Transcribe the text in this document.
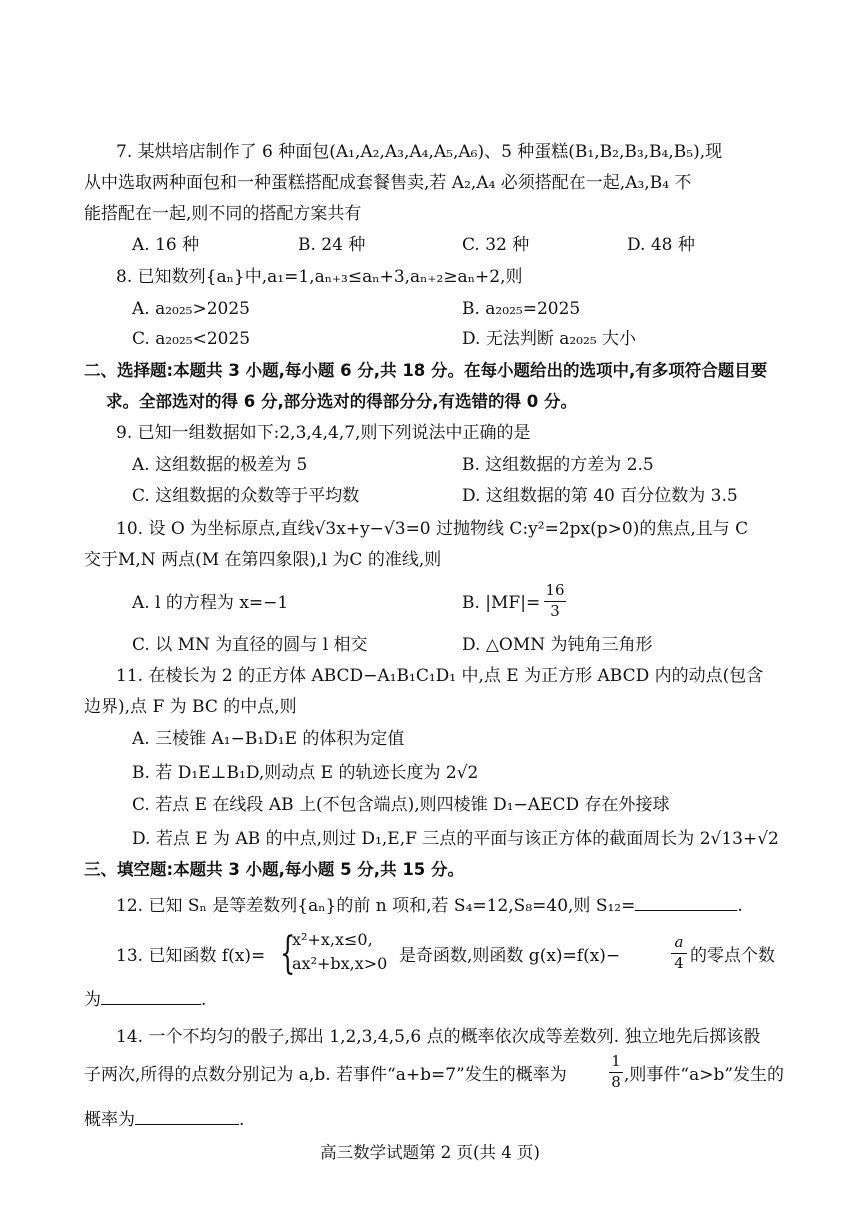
7. 某烘培店制作了 6 种面包(A₁,A₂,A₃,A₄,A₅,A₆)、5 种蛋糕(B₁,B₂,B₃,B₄,B₅),现
从中选取两种面包和一种蛋糕搭配成套餐售卖,若 A₂,A₄ 必须搭配在一起,A₃,B₄ 不
能搭配在一起,则不同的搭配方案共有
A. 16 种	B. 24 种	C. 32 种	D. 48 种
8. 已知数列{aₙ}中,a₁=1,aₙ₊₃≤aₙ+3,aₙ₊₂≥aₙ+2,则
A. a₂₀₂₅>2025	B. a₂₀₂₅=2025
C. a₂₀₂₅<2025	D. 无法判断 a₂₀₂₅ 大小
二、选择题:本题共 3 小题,每小题 6 分,共 18 分。在每小题给出的选项中,有多项符合题目要
求。全部选对的得 6 分,部分选对的得部分分,有选错的得 0 分。
9. 已知一组数据如下:2,3,4,4,7,则下列说法中正确的是
A. 这组数据的极差为 5	B. 这组数据的方差为 2.5
C. 这组数据的众数等于平均数	D. 这组数据的第 40 百分位数为 3.5
10. 设 O 为坐标原点,直线√3x+y−√3=0 过抛物线 C:y²=2px(p>0)的焦点,且与 C
交于M,N 两点(M 在第四象限),l 为C 的准线,则
A. l 的方程为 x=−1	B. |MF|=
16
3
C. 以 MN 为直径的圆与 l 相交	D. △OMN 为钝角三角形
11. 在棱长为 2 的正方体 ABCD−A₁B₁C₁D₁ 中,点 E 为正方形 ABCD 内的动点(包含
边界),点 F 为 BC 的中点,则
A. 三棱锥 A₁−B₁D₁E 的体积为定值
B. 若 D₁E⊥B₁D,则动点 E 的轨迹长度为 2√2
C. 若点 E 在线段 AB 上(不包含端点),则四棱锥 D₁−AECD 存在外接球
D. 若点 E 为 AB 的中点,则过 D₁,E,F 三点的平面与该正方体的截面周长为 2√13+√2
三、填空题:本题共 3 小题,每小题 5 分,共 15 分。
12. 已知 Sₙ 是等差数列{aₙ}的前 n 项和,若 S₄=12,S₈=40,则 S₁₂=	.
13. 已知函数 f(x)= {
x²+x,x≤0,
ax²+bx,x>0 是奇函数,则函数 g(x)=f(x)−
a
4 的零点个数
为	.
14. 一个不均匀的骰子,掷出 1,2,3,4,5,6 点的概率依次成等差数列. 独立地先后掷该骰
子两次,所得的点数分别记为 a,b. 若事件“a+b=7”发生的概率为
1
8 ,则事件“a>b”发生的
概率为	.
高三数学试题第 2 页(共 4 页)
